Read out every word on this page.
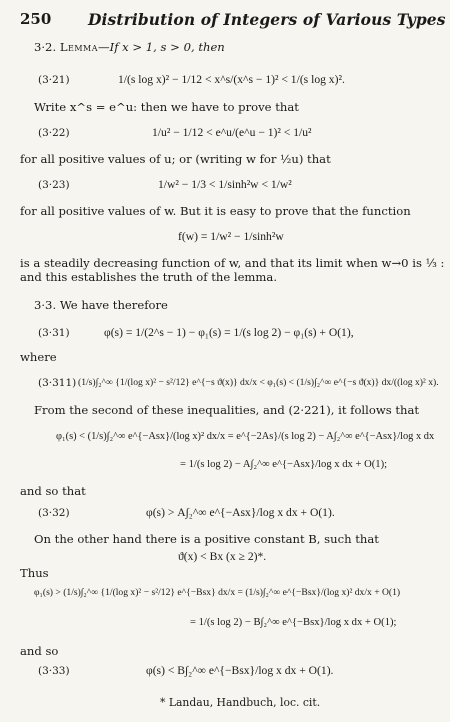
250 Distribution of Integers of Various Types
3·2. Lemma—If x > 1, s > 0, then
(3·21)	1/(s log x)² − 1/12 < x^s/(x^s − 1)² < 1/(s log x)².
Write x^s = e^u: then we have to prove that
(3·22)	1/u² − 1/12 < e^u/(e^u − 1)² < 1/u²
for all positive values of u; or (writing w for ½u) that
(3·23)	1/w² − 1/3 < 1/sinh²w < 1/w²
for all positive values of w. But it is easy to prove that the function
f(w) = 1/w² − 1/sinh²w
is a steadily decreasing function of w, and that its limit when w→0 is ⅓ :
and this establishes the truth of the lemma.
3·3. We have therefore
(3·31)	φ(s) = 1/(2^s − 1) − φ₁(s) = 1/(s log 2) − φ₁(s) + O(1),
where
(3·311) (1/s)∫₂^∞ {1/(log x)² − s²/12} e^{−s ϑ(x)} dx/x < φ₁(s) < (1/s)∫₂^∞ e^{−s ϑ(x)} dx/((log x)² x).
From the second of these inequalities, and (2·221), it follows that
φ₁(s) < (1/s)∫₂^∞ e^{−Asx}/(log x)² dx/x = e^{−2As}/(s log 2) − A∫₂^∞ e^{−Asx}/log x dx
= 1/(s log 2) − A∫₂^∞ e^{−Asx}/log x dx + O(1);
and so that
(3·32)	φ(s) > A∫₂^∞ e^{−Asx}/log x dx + O(1).
On the other hand there is a positive constant B, such that
ϑ(x) < Bx (x ≥ 2)*.
Thus
φ₁(s) > (1/s)∫₂^∞ {1/(log x)² − s²/12} e^{−Bsx} dx/x = (1/s)∫₂^∞ e^{−Bsx}/(log x)² dx/x + O(1)
= 1/(s log 2) − B∫₂^∞ e^{−Bsx}/log x dx + O(1);
and so
(3·33)	φ(s) < B∫₂^∞ e^{−Bsx}/log x dx + O(1).
* Landau, Handbuch, loc. cit.
